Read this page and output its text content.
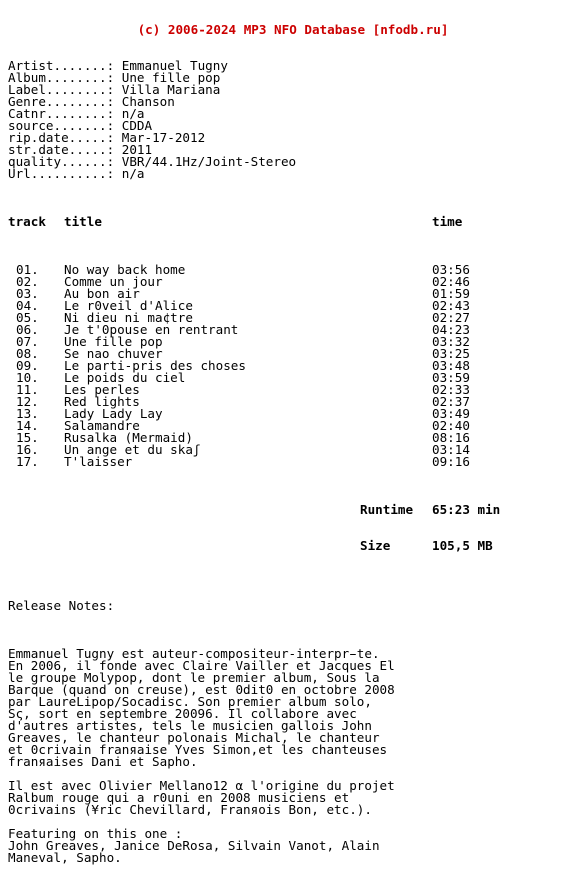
(c) 2006-2024 MP3 NFO Database [nfodb.ru]

Artist.......: Emmanuel Tugny
Album........: Une fille pop
Label........: Villa Mariana
Genre........: Chanson
Catnr........: n/a
source.......: CDDA
rip.date.....: Mar-17-2012
str.date.....: 2011
quality......: VBR/44.1Hz/Joint-Stereo
Url..........: n/a

track	title	time

01.	No way back home	03:56
02.	Comme un jour	02:46
03.	Au bon air	01:59
04.	Le r0veil d'Alice	02:43
05.	Ni dieu ni ma¢tre	02:27
06.	Je t'0pouse en rentrant	04:23
07.	Une fille pop	03:32
08.	Se nao chuver	03:25
09.	Le parti-pris des choses	03:48
10.	Le poids du ciel	03:59
11.	Les perles	02:33
12.	Red lights	02:37
13.	Lady Lady Lay	03:49
14.	Salamandre	02:40
15.	Rusalka (Mermaid)	08:16
16.	Un ange et du skaʃ	03:14
17.	T'laisser	09:16

Runtime	65:23 min

Size	105,5 MB

Release Notes:

Emmanuel Tugny est auteur-compositeur-interpr̵te.
En 2006, il fonde avec Claire Vailler et Jacques El
le groupe Molypop, dont le premier album, Sous la
Barque (quand on creuse), est 0dit0 en octobre 2008
par LaureLipop/Socadisc. Son premier album solo,
Sς, sort en septembre 20096. Il collabore avec
d'autres artistes, tels le musicien gallois John
Greaves, le chanteur polonais Michal, le chanteur
et 0crivain franяaise Yves Simon,et les chanteuses
franяaises Dani et Sapho.
Il est avec Olivier Mellano12 α l'origine du projet
Ralbum rouge qui a r0uni en 2008 musiciens et
0crivains (¥ric Chevillard, Franяois Bon, etc.).
Featuring on this one :
John Greaves, Janice DeRosa, Silvain Vanot, Alain
Maneval, Sapho.
